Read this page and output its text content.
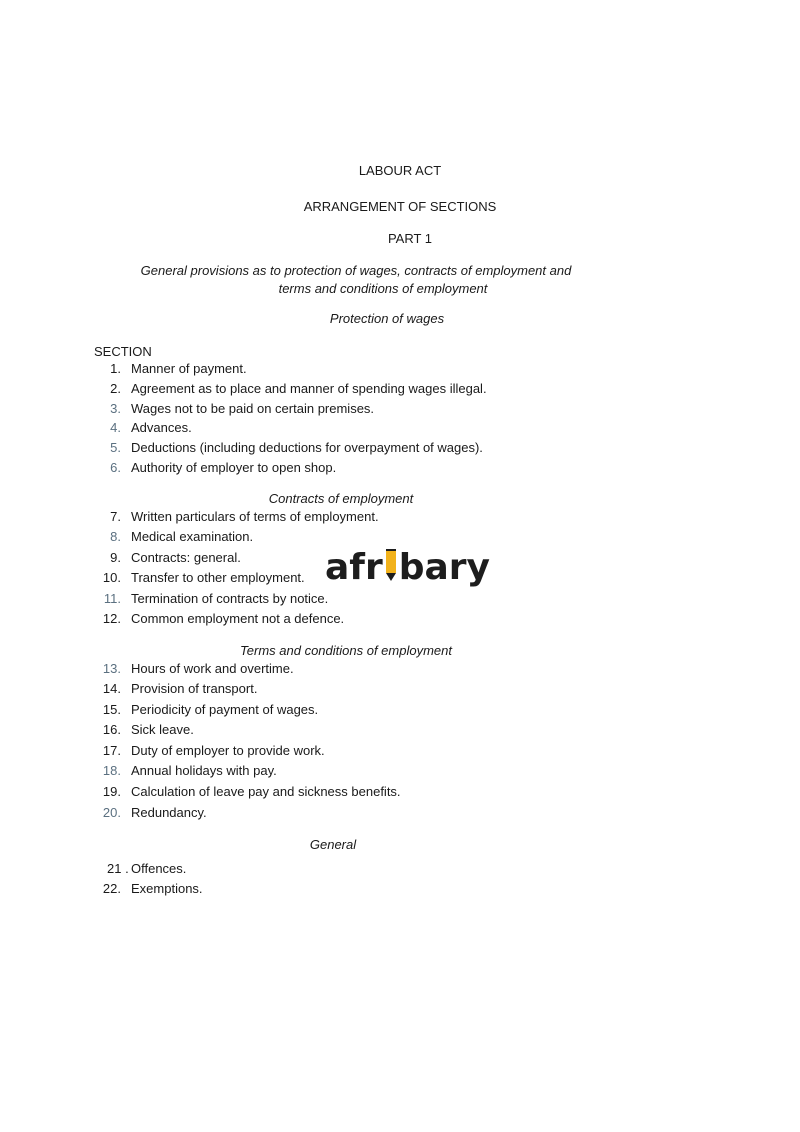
LABOUR ACT
ARRANGEMENT OF SECTIONS
PART 1
General provisions as to protection of wages, contracts of employment and
terms and conditions of employment
Protection of wages
SECTION
1. Manner of payment.
2. Agreement as to place and manner of spending wages illegal.
3. Wages not to be paid on certain premises.
4. Advances.
5. Deductions (including deductions for overpayment of wages).
6. Authority of employer to open shop.
Contracts of employment
7. Written particulars of terms of employment.
8. Medical examination.
9. Contracts: general.
10. Transfer to other employment.
11. Termination of contracts by notice.
12. Common employment not a defence.
Terms and conditions of employment
13. Hours of work and overtime.
14. Provision of transport.
15. Periodicity of payment of wages.
16. Sick leave.
17. Duty of employer to provide work.
18. Annual holidays with pay.
19. Calculation of leave pay and sickness benefits.
20. Redundancy.
General
21 . Offences.
22. Exemptions.
afr bary
